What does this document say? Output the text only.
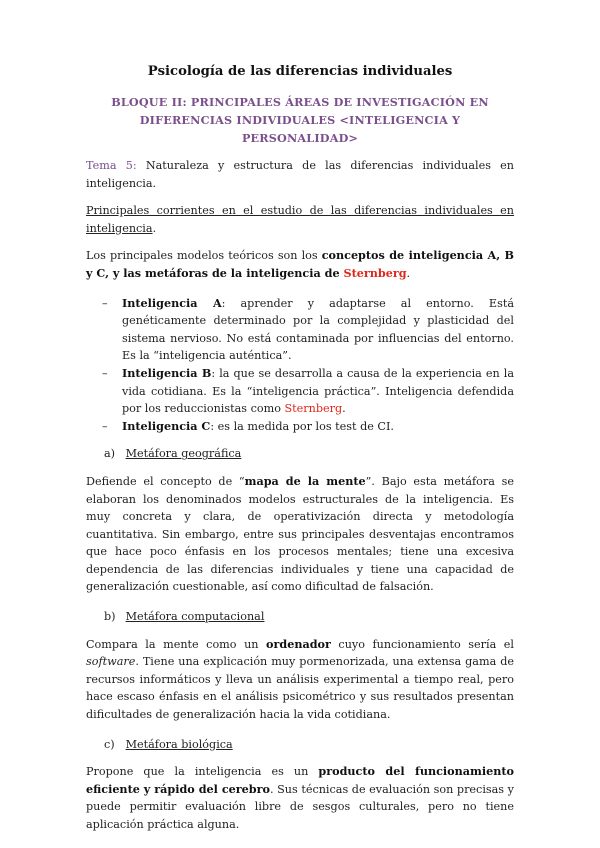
Psicología de las diferencias individuales
BLOQUE II: PRINCIPALES ÁREAS DE INVESTIGACIÓN EN
DIFERENCIAS INDIVIDUALES <INTELIGENCIA Y PERSONALIDAD>

Tema 5: Naturaleza y estructura de las diferencias individuales en inteligencia.

Principales corrientes en el estudio de las diferencias individuales en inteligencia.

Los principales modelos teóricos son los conceptos de inteligencia A, B y C, y las metáforas de la inteligencia de Sternberg.

– Inteligencia A: aprender y adaptarse al entorno. Está genéticamente determinado por la complejidad y plasticidad del sistema nervioso. No está contaminada por influencias del entorno. Es la “inteligencia auténtica”.
– Inteligencia B: la que se desarrolla a causa de la experiencia en la vida cotidiana. Es la “inteligencia práctica”. Inteligencia defendida por los reduccionistas como Sternberg.
– Inteligencia C: es la medida por los test de CI.
a) Metáfora geográfica

Defiende el concepto de “mapa de la mente”. Bajo esta metáfora se elaboran los denominados modelos estructurales de la inteligencia. Es muy concreta y clara, de operativización directa y metodología cuantitativa. Sin embargo, entre sus principales desventajas encontramos que hace poco énfasis en los procesos mentales; tiene una excesiva dependencia de las diferencias individuales y tiene una capacidad de generalización cuestionable, así como dificultad de falsación.

b) Metáfora computacional

Compara la mente como un ordenador cuyo funcionamiento sería el software. Tiene una explicación muy pormenorizada, una extensa gama de recursos informáticos y lleva un análisis experimental a tiempo real, pero hace escaso énfasis en el análisis psicométrico y sus resultados presentan dificultades de generalización hacia la vida cotidiana.

c) Metáfora biológica

Propone que la inteligencia es un producto del funcionamiento eficiente y rápido del cerebro. Sus técnicas de evaluación son precisas y puede permitir evaluación libre de sesgos culturales, pero no tiene aplicación práctica alguna.
